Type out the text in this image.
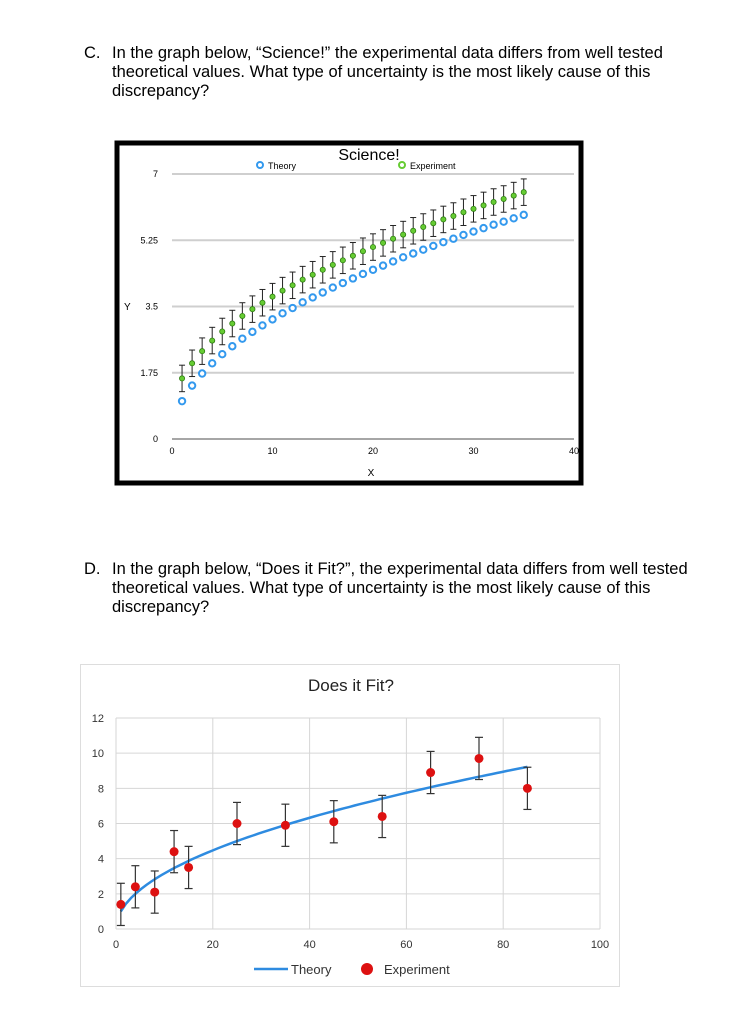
C. In the graph below, “Science!” the experimental data differs from well tested theoretical values. What type of uncertainty is the most likely cause of this discrepancy?
0
1.75
3.5
5.25
7
0	10	20	30	40
Science!
Theory	Experiment
X
Y
D. In the graph below, “Does it Fit?”, the experimental data differs from well tested theoretical values. What type of uncertainty is the most likely cause of this discrepancy?
Does it Fit?
0
2
4
6
8
10
12
0	20	40	60	80	100
Theory	Experiment
